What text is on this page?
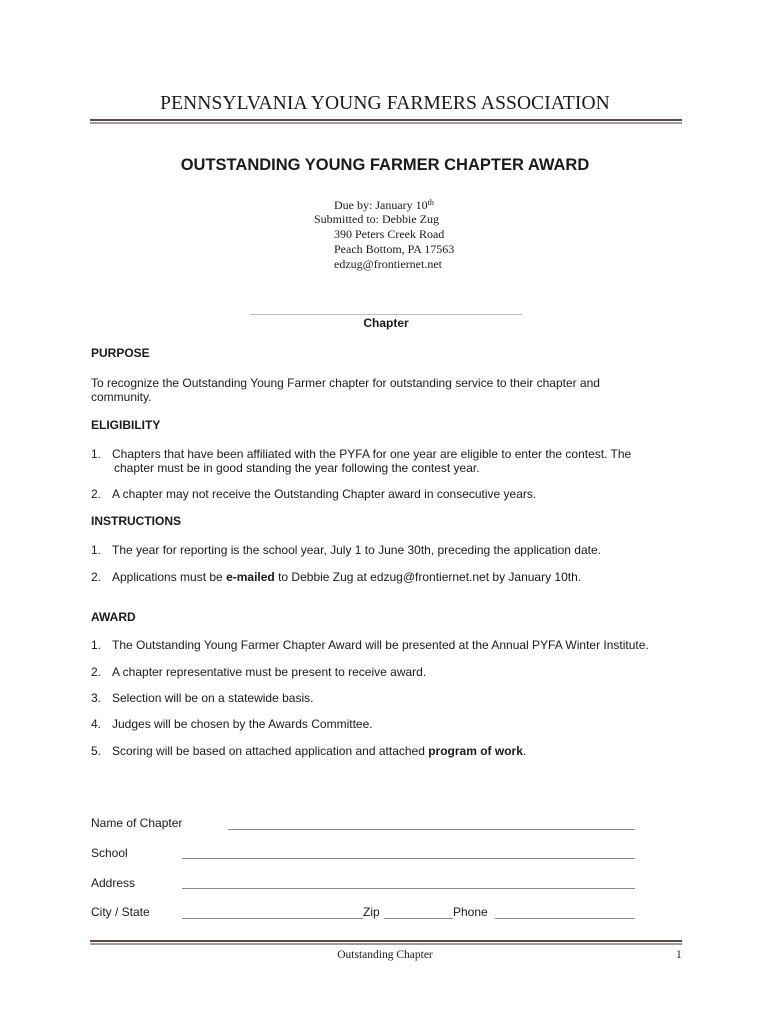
PENNSYLVANIA YOUNG FARMERS ASSOCIATION
OUTSTANDING YOUNG FARMER CHAPTER AWARD
Due by: January 10th
Submitted to: Debbie Zug
390 Peters Creek Road
Peach Bottom, PA 17563
edzug@frontiernet.net
Chapter
PURPOSE
To recognize the Outstanding Young Farmer chapter for outstanding service to their chapter and
community.
ELIGIBILITY
1. Chapters that have been affiliated with the PYFA for one year are eligible to enter the contest. The
chapter must be in good standing the year following the contest year.
2. A chapter may not receive the Outstanding Chapter award in consecutive years.
INSTRUCTIONS
1. The year for reporting is the school year, July 1 to June 30th, preceding the application date.
2. Applications must be e-mailed to Debbie Zug at edzug@frontiernet.net by January 10th.
AWARD
1. The Outstanding Young Farmer Chapter Award will be presented at the Annual PYFA Winter Institute.
2. A chapter representative must be present to receive award.
3. Selection will be on a statewide basis.
4. Judges will be chosen by the Awards Committee.
5. Scoring will be based on attached application and attached program of work.
Name of Chapter
School
Address
City / State	Zip	Phone
Outstanding Chapter	1
